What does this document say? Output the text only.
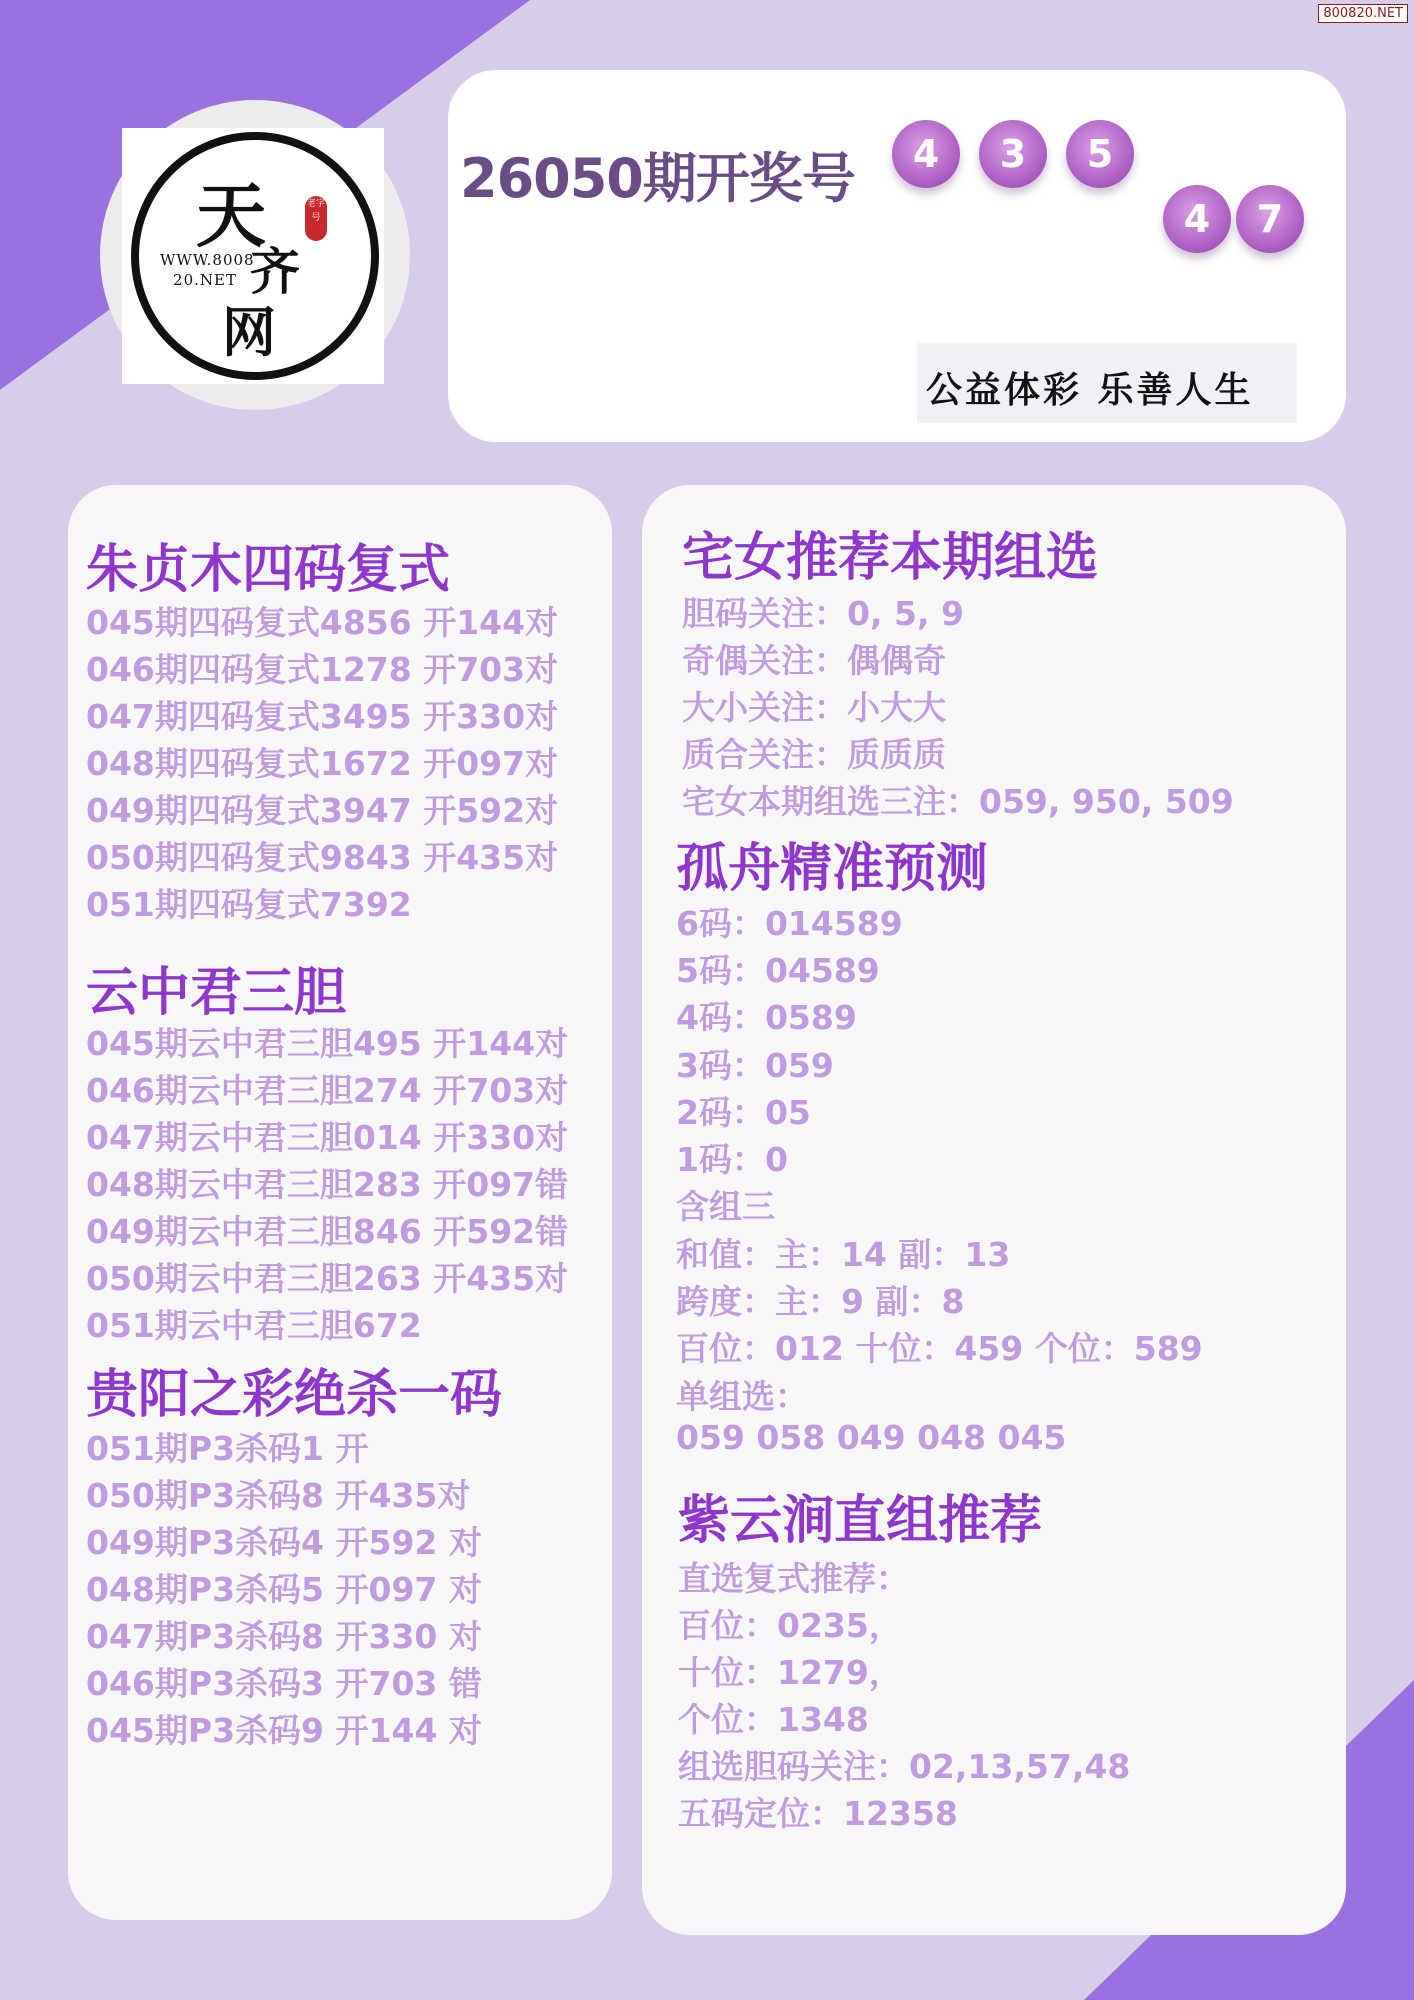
800820.NET
天
齐
网
WWW.8008
20.NET
老字号
26050期开奖号	4	3	5
4	7
公益体彩 乐善人生
朱贞木四码复式
045期四码复式4856 开144对
046期四码复式1278 开703对
047期四码复式3495 开330对
048期四码复式1672 开097对
049期四码复式3947 开592对
050期四码复式9843 开435对
051期四码复式7392
云中君三胆
045期云中君三胆495 开144对
046期云中君三胆274 开703对
047期云中君三胆014 开330对
048期云中君三胆283 开097错
049期云中君三胆846 开592错
050期云中君三胆263 开435对
051期云中君三胆672
贵阳之彩绝杀一码
051期P3杀码1 开
050期P3杀码8 开435对
049期P3杀码4 开592 对
048期P3杀码5 开097 对
047期P3杀码8 开330 对
046期P3杀码3 开703 错
045期P3杀码9 开144 对
宅女推荐本期组选
胆码关注：0, 5, 9
奇偶关注：偶偶奇
大小关注：小大大
质合关注：质质质
宅女本期组选三注：059, 950, 509
孤舟精准预测
6码：014589
5码：04589
4码：0589
3码：059
2码：05
1码：0
含组三
和值：主：14 副：13
跨度：主：9 副：8
百位：012 十位：459 个位：589
单组选：
059 058 049 048 045
紫云涧直组推荐
直选复式推荐：
百位：0235，
十位：1279，
个位：1348
组选胆码关注：02,13,57,48
五码定位：12358
